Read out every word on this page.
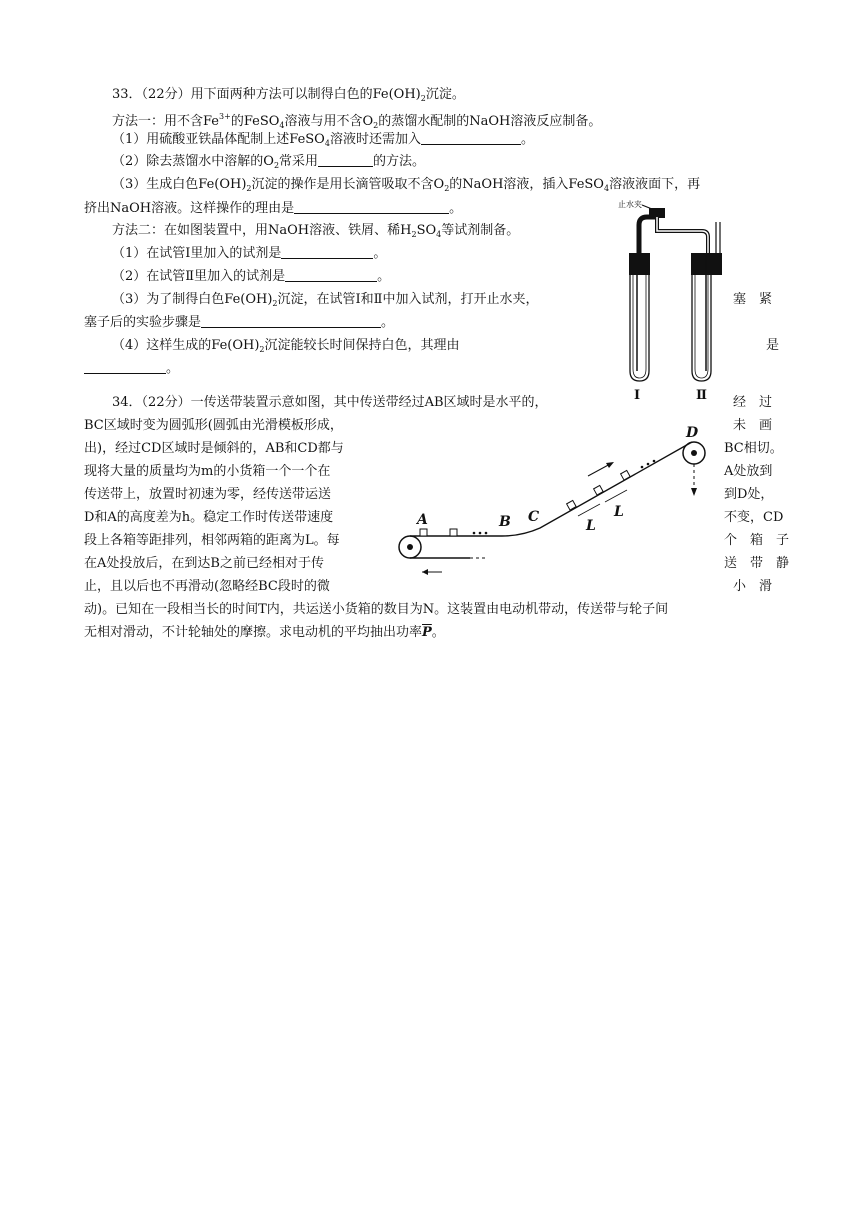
33．（22分）用下面两种方法可以制得白色的$Fe(OH)_2$沉淀。
方法一：用不含$Fe^{3+}$的FeSO$_4$溶液与用不含$O_2$的蒸馏水配制的NaOH溶液反应制备。
（1）用硫酸亚铁晶体配制上述FeSO$_4$溶液时还需加入	。
（2）除去蒸馏水中溶解的$O_2$常采用	的方法。
（3）生成白色$Fe(OH)_2$沉淀的操作是用长滴管吸取不含$O_2$的NaOH溶液，插入FeSO$_4$溶液液面下，再
挤出NaOH溶液。这样操作的理由是	。
方法二：在如图装置中，用NaOH溶液、铁屑、稀$H_2SO_4$等试剂制备。
（1）在试管Ⅰ里加入的试剂是	。
（2）在试管Ⅱ里加入的试剂是	。
（3）为了制得白色$Fe(OH)_2$沉淀，在试管Ⅰ和Ⅱ中加入试剂，打开止水夹，	塞　紧
塞子后的实验步骤是	。
（4）这样生成的$Fe(OH)_2$沉淀能较长时间保持白色，其理由	是
。
止水夹
Ⅰ	Ⅱ
34．（22分）一传送带装置示意如图，其中传送带经过AB区域时是水平的，	经　过
BC区域时变为圆弧形(圆弧由光滑模板形成，	未　画
出)，经过CD区域时是倾斜的，AB和CD都与	BC相切。
现将大量的质量均为m的小货箱一个一个在	A处放到
传送带上，放置时初速为零，经传送带运送	到D处，
D和A的高度差为h。稳定工作时传送带速度	不变，CD
段上各箱等距排列，相邻两箱的距离为L。每	个　箱　子
在A处投放后，在到达B之前已经相对于传	送　带　静
止，且以后也不再滑动(忽略经BC段时的微	小　滑
动)。已知在一段相当长的时间T内，共运送小货箱的数目为N。这装置由电动机带动，传送带与轮子间
无相对滑动，不计轮轴处的摩擦。求电动机的平均抽出功率$\overline{P}$。
L
L
A	B C
D
